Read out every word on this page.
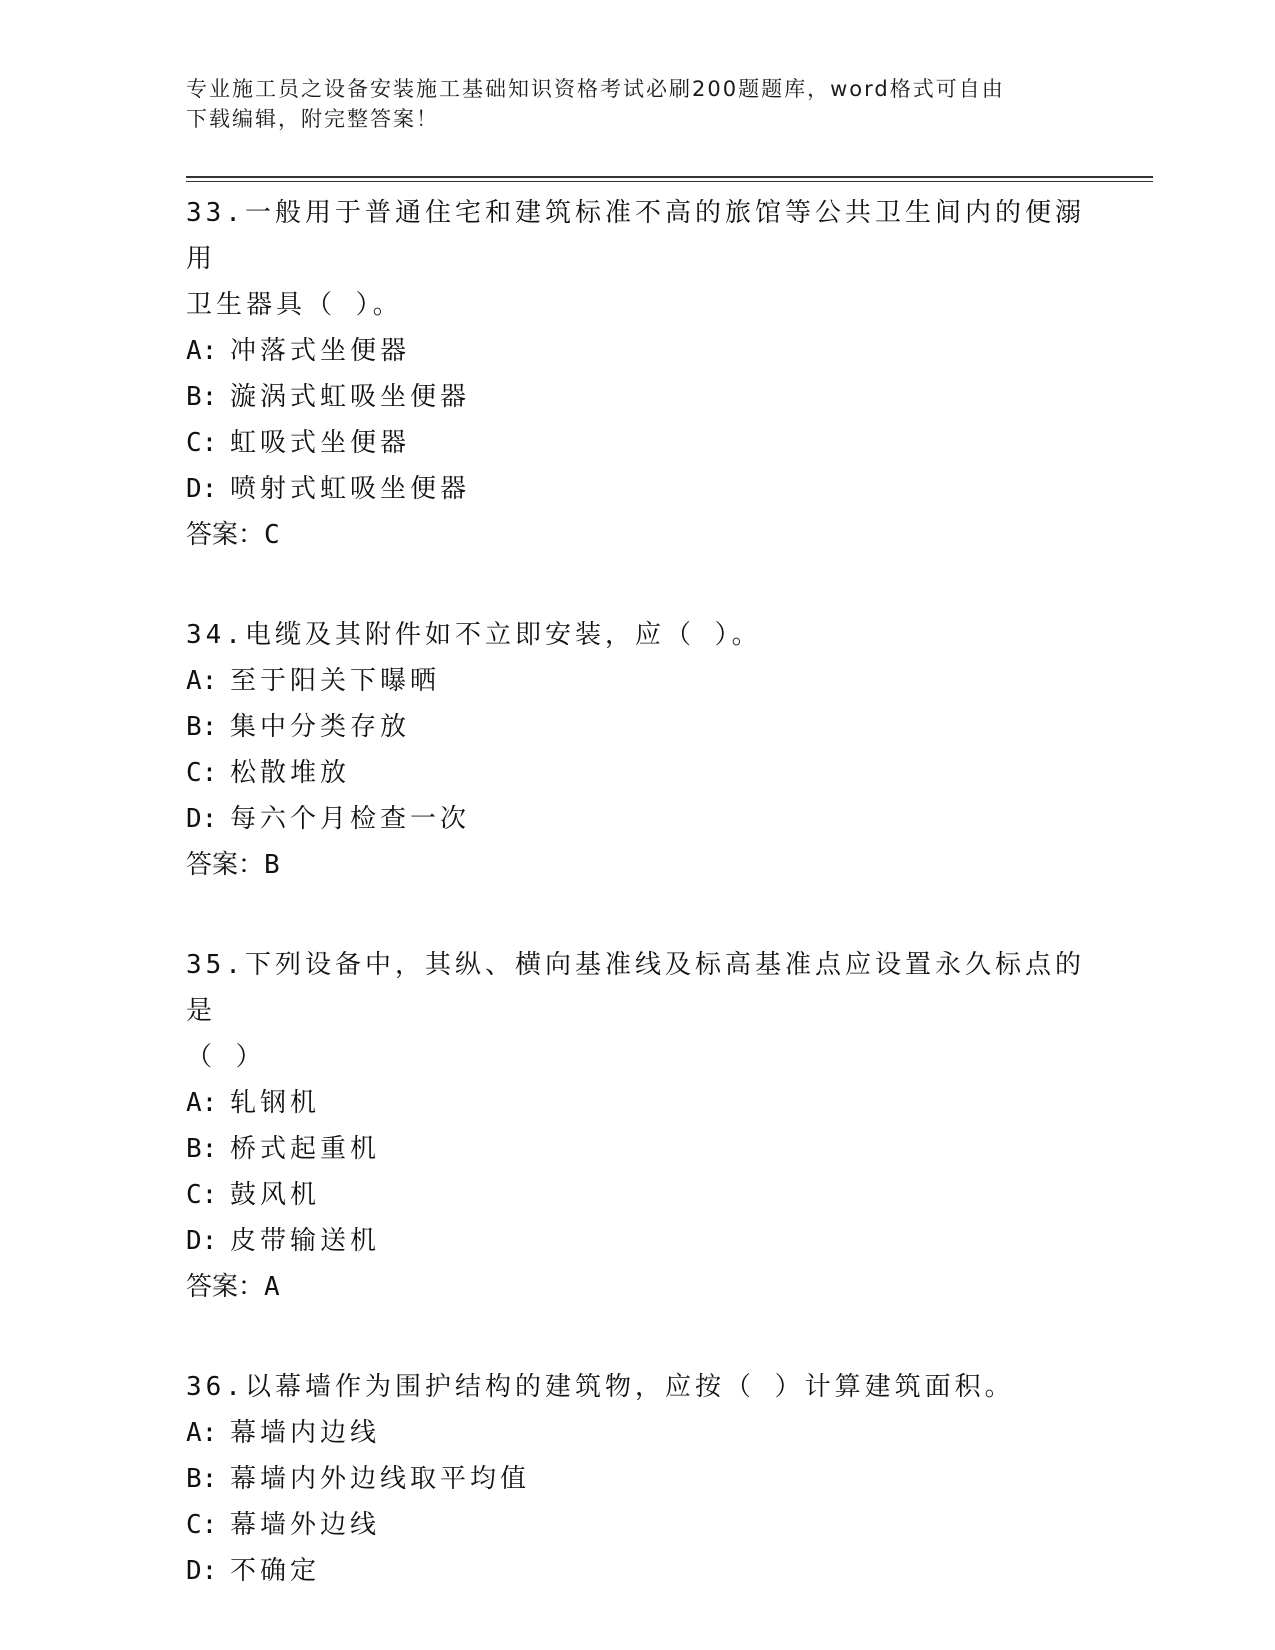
专业施工员之设备安装施工基础知识资格考试必刷200题题库，word格式可自由
下载编辑，附完整答案！

33.一般用于普通住宅和建筑标准不高的旅馆等公共卫生间内的便溺用

卫生器具（ ）。

A: 冲落式坐便器

B: 漩涡式虹吸坐便器

C: 虹吸式坐便器

D: 喷射式虹吸坐便器

答案：C

34.电缆及其附件如不立即安装，应（ ）。

A: 至于阳关下曝晒

B: 集中分类存放

C: 松散堆放

D: 每六个月检查一次

答案：B

35.下列设备中，其纵、横向基准线及标高基准点应设置永久标点的是

（ ）

A: 轧钢机

B: 桥式起重机

C: 鼓风机

D: 皮带输送机

答案：A

36.以幕墙作为围护结构的建筑物，应按（ ）计算建筑面积。

A: 幕墙内边线

B: 幕墙内外边线取平均值

C: 幕墙外边线

D: 不确定
